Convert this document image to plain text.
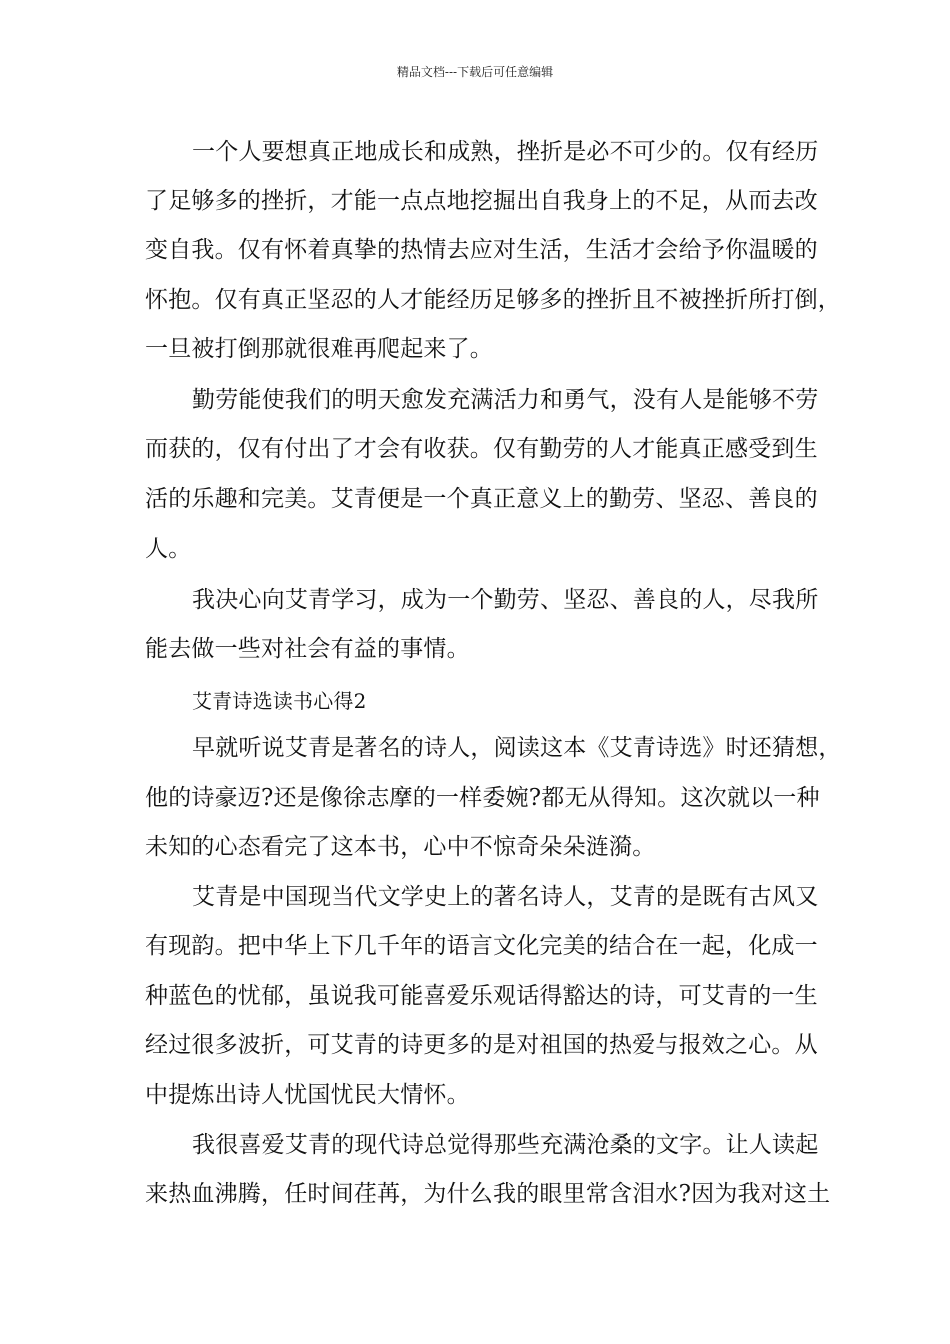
精品文档---下载后可任意编辑
一个人要想真正地成长和成熟，挫折是必不可少的。仅有经历
了足够多的挫折，才能一点点地挖掘出自我身上的不足，从而去改
变自我。仅有怀着真挚的热情去应对生活，生活才会给予你温暖的
怀抱。仅有真正坚忍的人才能经历足够多的挫折且不被挫折所打倒，
一旦被打倒那就很难再爬起来了。
勤劳能使我们的明天愈发充满活力和勇气，没有人是能够不劳
而获的，仅有付出了才会有收获。仅有勤劳的人才能真正感受到生
活的乐趣和完美。艾青便是一个真正意义上的勤劳、坚忍、善良的
人。
我决心向艾青学习，成为一个勤劳、坚忍、善良的人，尽我所
能去做一些对社会有益的事情。
艾青诗选读书心得2
早就听说艾青是著名的诗人，阅读这本《艾青诗选》时还猜想，
他的诗豪迈?还是像徐志摩的一样委婉?都无从得知。这次就以一种
未知的心态看完了这本书，心中不惊奇朵朵涟漪。
艾青是中国现当代文学史上的著名诗人，艾青的是既有古风又
有现韵。把中华上下几千年的语言文化完美的结合在一起，化成一
种蓝色的忧郁，虽说我可能喜爱乐观话得豁达的诗，可艾青的一生
经过很多波折，可艾青的诗更多的是对祖国的热爱与报效之心。从
中提炼出诗人忧国忧民大情怀。
我很喜爱艾青的现代诗总觉得那些充满沧桑的文字。让人读起
来热血沸腾，任时间荏苒，为什么我的眼里常含泪水?因为我对这土
